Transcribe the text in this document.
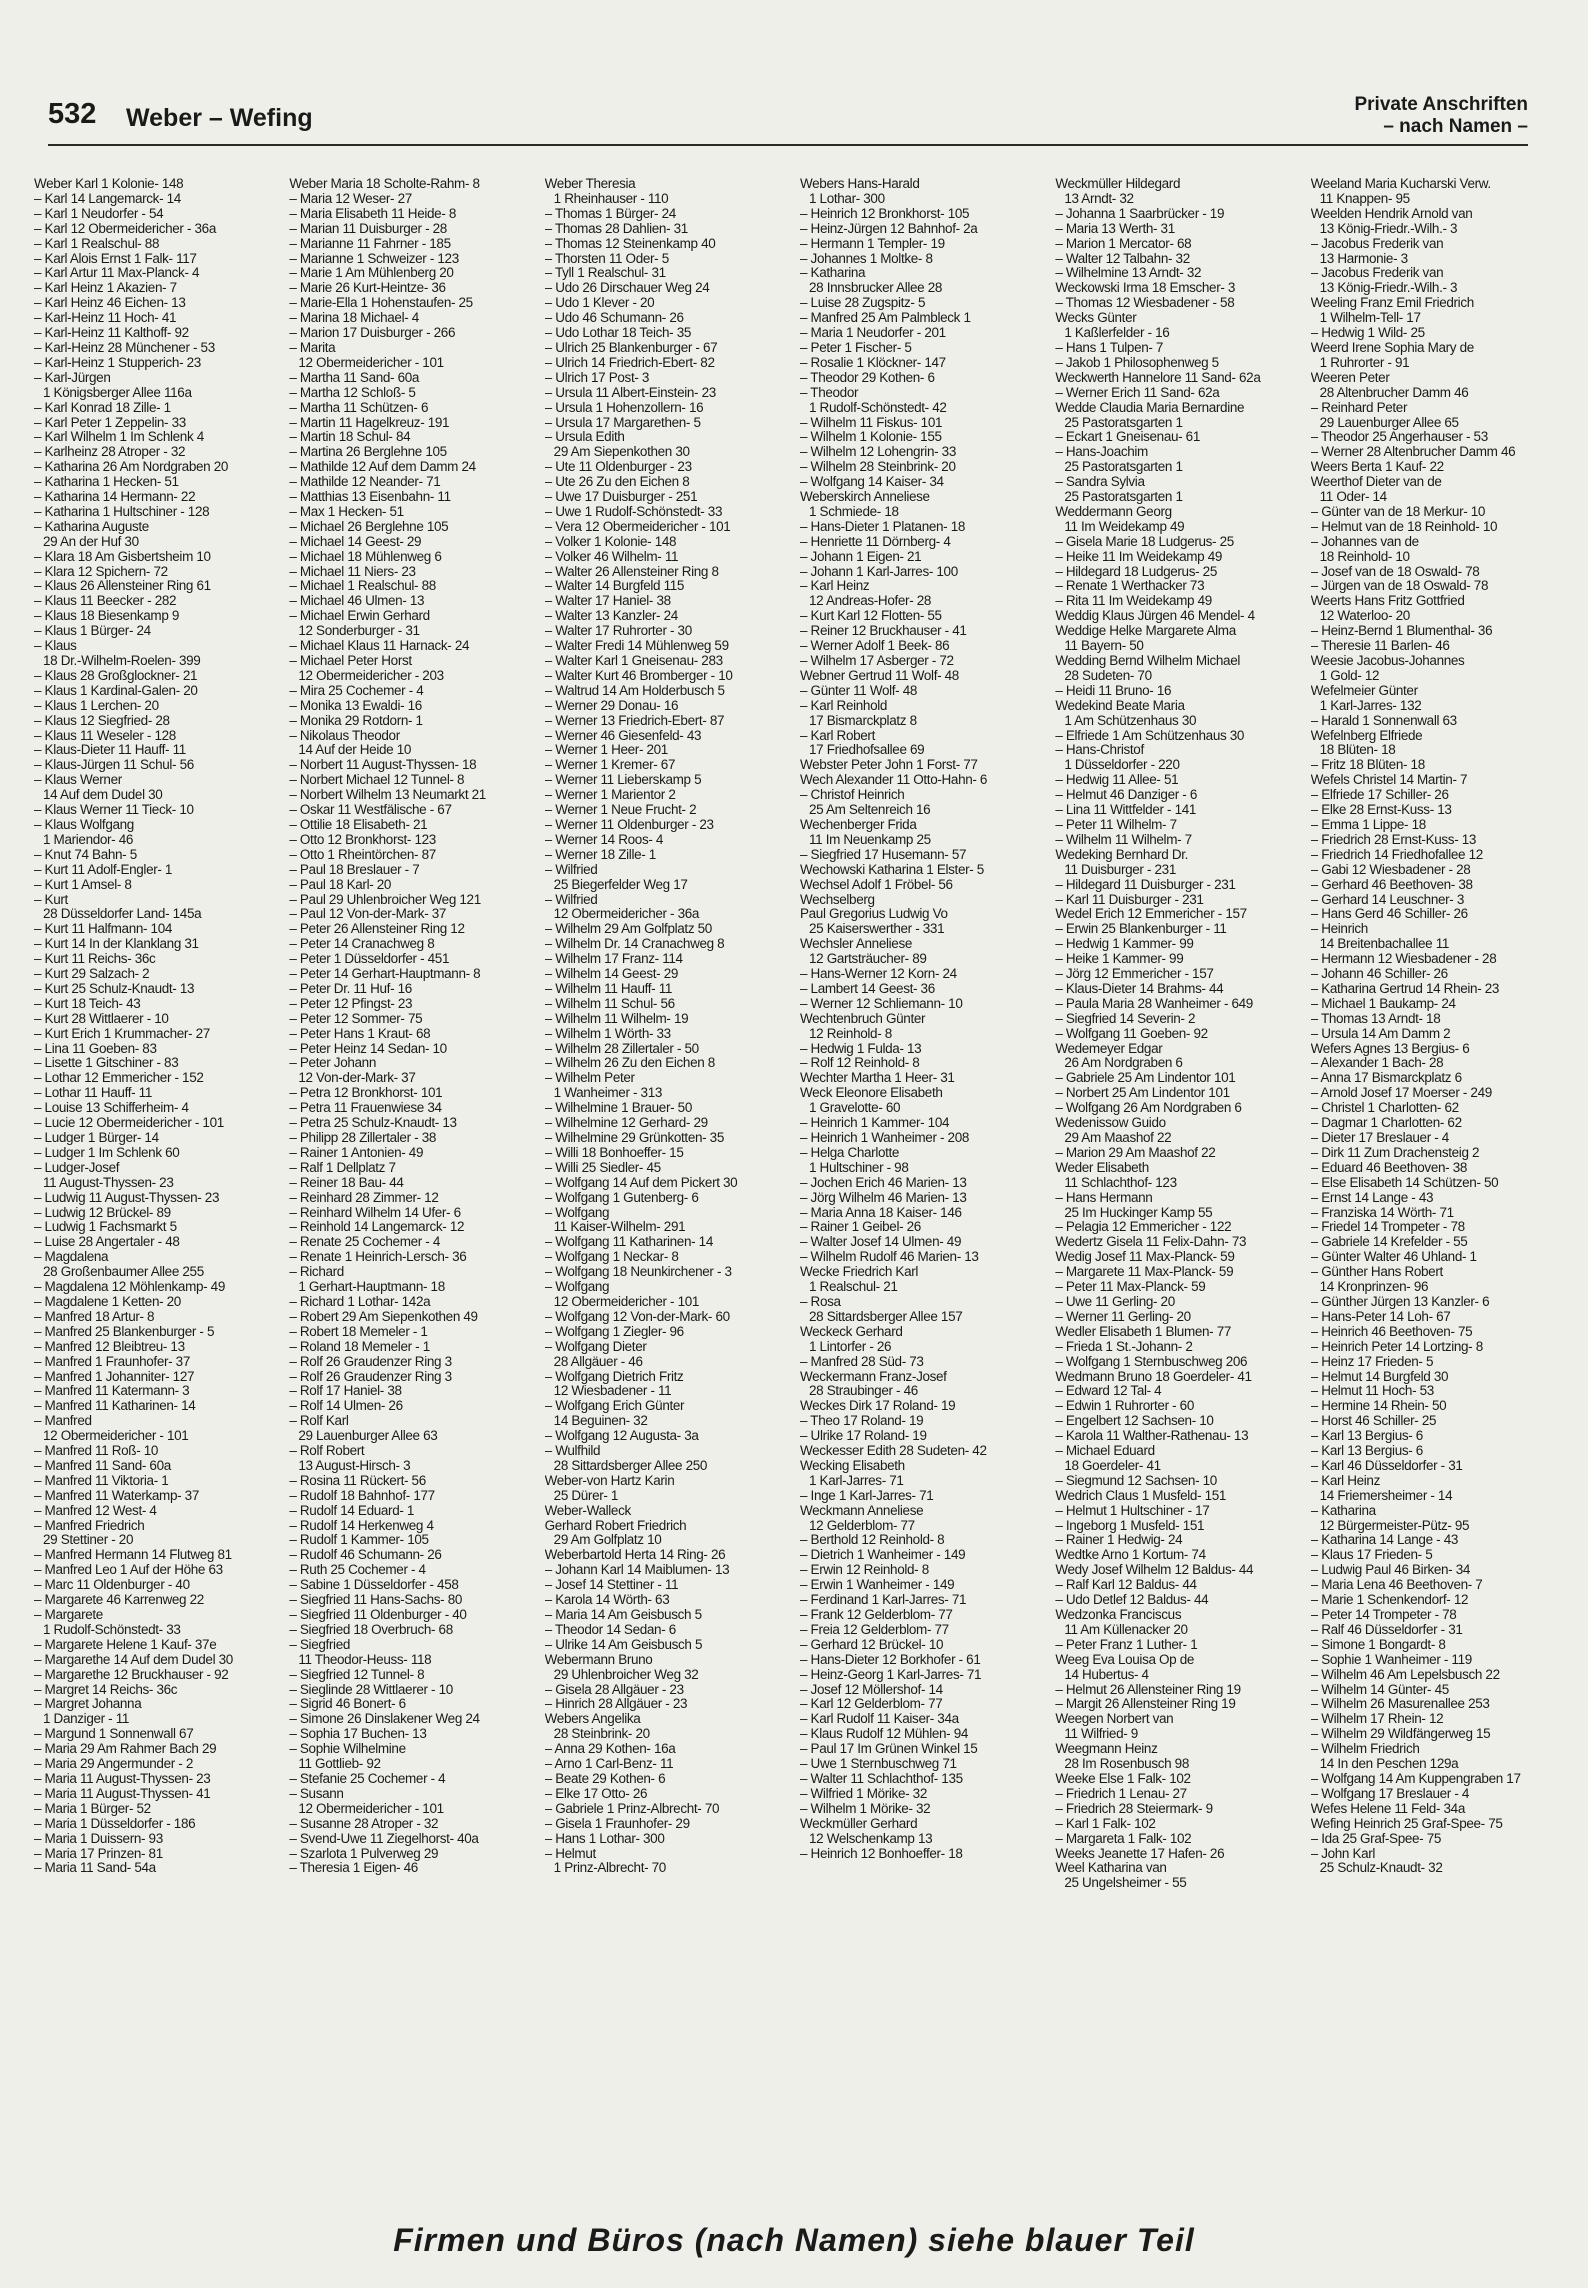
532 Weber – Wefing	Private Anschriften
– nach Namen –
Weber Karl 1 Kolonie- 148
– Karl 14 Langemarck- 14
– Karl 1 Neudorfer - 54
– Karl 12 Obermeidericher - 36a
– Karl 1 Realschul- 88
– Karl Alois Ernst 1 Falk- 117
– Karl Artur 11 Max-Planck- 4
– Karl Heinz 1 Akazien- 7
– Karl Heinz 46 Eichen- 13
– Karl-Heinz 11 Hoch- 41
– Karl-Heinz 11 Kalthoff- 92
– Karl-Heinz 28 Münchener - 53
– Karl-Heinz 1 Stupperich- 23
– Karl-Jürgen
1 Königsberger Allee 116a
– Karl Konrad 18 Zille- 1
– Karl Peter 1 Zeppelin- 33
– Karl Wilhelm 1 Im Schlenk 4
– Karlheinz 28 Atroper - 32
– Katharina 26 Am Nordgraben 20
– Katharina 1 Hecken- 51
– Katharina 14 Hermann- 22
– Katharina 1 Hultschiner - 128
– Katharina Auguste
29 An der Huf 30
– Klara 18 Am Gisbertsheim 10
– Klara 12 Spichern- 72
– Klaus 26 Allensteiner Ring 61
– Klaus 11 Beecker - 282
– Klaus 18 Biesenkamp 9
– Klaus 1 Bürger- 24
– Klaus
18 Dr.-Wilhelm-Roelen- 399
– Klaus 28 Großglockner- 21
– Klaus 1 Kardinal-Galen- 20
– Klaus 1 Lerchen- 20
– Klaus 12 Siegfried- 28
– Klaus 11 Weseler - 128
– Klaus-Dieter 11 Hauff- 11
– Klaus-Jürgen 11 Schul- 56
– Klaus Werner
14 Auf dem Dudel 30
– Klaus Werner 11 Tieck- 10
– Klaus Wolfgang
1 Mariendor- 46
– Knut 74 Bahn- 5
– Kurt 11 Adolf-Engler- 1
– Kurt 1 Amsel- 8
– Kurt
28 Düsseldorfer Land- 145a
– Kurt 11 Halfmann- 104
– Kurt 14 In der Klanklang 31
– Kurt 11 Reichs- 36c
– Kurt 29 Salzach- 2
– Kurt 25 Schulz-Knaudt- 13
– Kurt 18 Teich- 43
– Kurt 28 Wittlaerer - 10
– Kurt Erich 1 Krummacher- 27
– Lina 11 Goeben- 83
– Lisette 1 Gitschiner - 83
– Lothar 12 Emmericher - 152
– Lothar 11 Hauff- 11
– Louise 13 Schifferheim- 4
– Lucie 12 Obermeidericher - 101
– Ludger 1 Bürger- 14
– Ludger 1 Im Schlenk 60
– Ludger-Josef
11 August-Thyssen- 23
– Ludwig 11 August-Thyssen- 23
– Ludwig 12 Brückel- 89
– Ludwig 1 Fachsmarkt 5
– Luise 28 Angertaler - 48
– Magdalena
28 Großenbaumer Allee 255
– Magdalena 12 Möhlenkamp- 49
– Magdalene 1 Ketten- 20
– Manfred 18 Artur- 8
– Manfred 25 Blankenburger - 5
– Manfred 12 Bleibtreu- 13
– Manfred 1 Fraunhofer- 37
– Manfred 1 Johanniter- 127
– Manfred 11 Katermann- 3
– Manfred 11 Katharinen- 14
– Manfred
12 Obermeidericher - 101
– Manfred 11 Roß- 10
– Manfred 11 Sand- 60a
– Manfred 11 Viktoria- 1
– Manfred 11 Waterkamp- 37
– Manfred 12 West- 4
– Manfred Friedrich
29 Stettiner - 20
– Manfred Hermann 14 Flutweg 81
– Manfred Leo 1 Auf der Höhe 63
– Marc 11 Oldenburger - 40
– Margarete 46 Karrenweg 22
– Margarete
1 Rudolf-Schönstedt- 33
– Margarete Helene 1 Kauf- 37e
– Margarethe 14 Auf dem Dudel 30
– Margarethe 12 Bruckhauser - 92
– Margret 14 Reichs- 36c
– Margret Johanna
1 Danziger - 11
– Margund 1 Sonnenwall 67
– Maria 29 Am Rahmer Bach 29
– Maria 29 Angermunder - 2
– Maria 11 August-Thyssen- 23
– Maria 11 August-Thyssen- 41
– Maria 1 Bürger- 52
– Maria 1 Düsseldorfer - 186
– Maria 1 Duissern- 93
– Maria 17 Prinzen- 81
– Maria 11 Sand- 54a
Weber Maria 18 Scholte-Rahm- 8
– Maria 12 Weser- 27
– Maria Elisabeth 11 Heide- 8
– Marian 11 Duisburger - 28
– Marianne 11 Fahrner - 185
– Marianne 1 Schweizer - 123
– Marie 1 Am Mühlenberg 20
– Marie 26 Kurt-Heintze- 36
– Marie-Ella 1 Hohenstaufen- 25
– Marina 18 Michael- 4
– Marion 17 Duisburger - 266
– Marita
12 Obermeidericher - 101
– Martha 11 Sand- 60a
– Martha 12 Schloß- 5
– Martha 11 Schützen- 6
– Martin 11 Hagelkreuz- 191
– Martin 18 Schul- 84
– Martina 26 Berglehne 105
– Mathilde 12 Auf dem Damm 24
– Mathilde 12 Neander- 71
– Matthias 13 Eisenbahn- 11
– Max 1 Hecken- 51
– Michael 26 Berglehne 105
– Michael 14 Geest- 29
– Michael 18 Mühlenweg 6
– Michael 11 Niers- 23
– Michael 1 Realschul- 88
– Michael 46 Ulmen- 13
– Michael Erwin Gerhard
12 Sonderburger - 31
– Michael Klaus 11 Harnack- 24
– Michael Peter Horst
12 Obermeidericher - 203
– Mira 25 Cochemer - 4
– Monika 13 Ewaldi- 16
– Monika 29 Rotdorn- 1
– Nikolaus Theodor
14 Auf der Heide 10
– Norbert 11 August-Thyssen- 18
– Norbert Michael 12 Tunnel- 8
– Norbert Wilhelm 13 Neumarkt 21
– Oskar 11 Westfälische - 67
– Ottilie 18 Elisabeth- 21
– Otto 12 Bronkhorst- 123
– Otto 1 Rheintörchen- 87
– Paul 18 Breslauer - 7
– Paul 18 Karl- 20
– Paul 29 Uhlenbroicher Weg 121
– Paul 12 Von-der-Mark- 37
– Peter 26 Allensteiner Ring 12
– Peter 14 Cranachweg 8
– Peter 1 Düsseldorfer - 451
– Peter 14 Gerhart-Hauptmann- 8
– Peter Dr. 11 Huf- 16
– Peter 12 Pfingst- 23
– Peter 12 Sommer- 75
– Peter Hans 1 Kraut- 68
– Peter Heinz 14 Sedan- 10
– Peter Johann
12 Von-der-Mark- 37
– Petra 12 Bronkhorst- 101
– Petra 11 Frauenwiese 34
– Petra 25 Schulz-Knaudt- 13
– Philipp 28 Zillertaler - 38
– Rainer 1 Antonien- 49
– Ralf 1 Dellplatz 7
– Reiner 18 Bau- 44
– Reinhard 28 Zimmer- 12
– Reinhard Wilhelm 14 Ufer- 6
– Reinhold 14 Langemarck- 12
– Renate 25 Cochemer - 4
– Renate 1 Heinrich-Lersch- 36
– Richard
1 Gerhart-Hauptmann- 18
– Richard 1 Lothar- 142a
– Robert 29 Am Siepenkothen 49
– Robert 18 Memeler - 1
– Roland 18 Memeler - 1
– Rolf 26 Graudenzer Ring 3
– Rolf 26 Graudenzer Ring 3
– Rolf 17 Haniel- 38
– Rolf 14 Ulmen- 26
– Rolf Karl
29 Lauenburger Allee 63
– Rolf Robert
13 August-Hirsch- 3
– Rosina 11 Rückert- 56
– Rudolf 18 Bahnhof- 177
– Rudolf 14 Eduard- 1
– Rudolf 14 Herkenweg 4
– Rudolf 1 Kammer- 105
– Rudolf 46 Schumann- 26
– Ruth 25 Cochemer - 4
– Sabine 1 Düsseldorfer - 458
– Siegfried 11 Hans-Sachs- 80
– Siegfried 11 Oldenburger - 40
– Siegfried 18 Overbruch- 68
– Siegfried
11 Theodor-Heuss- 118
– Siegfried 12 Tunnel- 8
– Sieglinde 28 Wittlaerer - 10
– Sigrid 46 Bonert- 6
– Simone 26 Dinslakener Weg 24
– Sophia 17 Buchen- 13
– Sophie Wilhelmine
11 Gottlieb- 92
– Stefanie 25 Cochemer - 4
– Susann
12 Obermeidericher - 101
– Susanne 28 Atroper - 32
– Svend-Uwe 11 Ziegelhorst- 40a
– Szarlota 1 Pulverweg 29
– Theresia 1 Eigen- 46
Weber Theresia
1 Rheinhauser - 110
– Thomas 1 Bürger- 24
– Thomas 28 Dahlien- 31
– Thomas 12 Steinenkamp 40
– Thorsten 11 Oder- 5
– Tyll 1 Realschul- 31
– Udo 26 Dirschauer Weg 24
– Udo 1 Klever - 20
– Udo 46 Schumann- 26
– Udo Lothar 18 Teich- 35
– Ulrich 25 Blankenburger - 67
– Ulrich 14 Friedrich-Ebert- 82
– Ulrich 17 Post- 3
– Ursula 11 Albert-Einstein- 23
– Ursula 1 Hohenzollern- 16
– Ursula 17 Margarethen- 5
– Ursula Edith
29 Am Siepenkothen 30
– Ute 11 Oldenburger - 23
– Ute 26 Zu den Eichen 8
– Uwe 17 Duisburger - 251
– Uwe 1 Rudolf-Schönstedt- 33
– Vera 12 Obermeidericher - 101
– Volker 1 Kolonie- 148
– Volker 46 Wilhelm- 11
– Walter 26 Allensteiner Ring 8
– Walter 14 Burgfeld 115
– Walter 17 Haniel- 38
– Walter 13 Kanzler- 24
– Walter 17 Ruhrorter - 30
– Walter Fredi 14 Mühlenweg 59
– Walter Karl 1 Gneisenau- 283
– Walter Kurt 46 Bromberger - 10
– Waltrud 14 Am Holderbusch 5
– Werner 29 Donau- 16
– Werner 13 Friedrich-Ebert- 87
– Werner 46 Giesenfeld- 43
– Werner 1 Heer- 201
– Werner 1 Kremer- 67
– Werner 11 Lieberskamp 5
– Werner 1 Marientor 2
– Werner 1 Neue Frucht- 2
– Werner 11 Oldenburger - 23
– Werner 14 Roos- 4
– Werner 18 Zille- 1
– Wilfried
25 Biegerfelder Weg 17
– Wilfried
12 Obermeidericher - 36a
– Wilhelm 29 Am Golfplatz 50
– Wilhelm Dr. 14 Cranachweg 8
– Wilhelm 17 Franz- 114
– Wilhelm 14 Geest- 29
– Wilhelm 11 Hauff- 11
– Wilhelm 11 Schul- 56
– Wilhelm 11 Wilhelm- 19
– Wilhelm 1 Wörth- 33
– Wilhelm 28 Zillertaler - 50
– Wilhelm 26 Zu den Eichen 8
– Wilhelm Peter
1 Wanheimer - 313
– Wilhelmine 1 Brauer- 50
– Wilhelmine 12 Gerhard- 29
– Wilhelmine 29 Grünkotten- 35
– Willi 18 Bonhoeffer- 15
– Willi 25 Siedler- 45
– Wolfgang 14 Auf dem Pickert 30
– Wolfgang 1 Gutenberg- 6
– Wolfgang
11 Kaiser-Wilhelm- 291
– Wolfgang 11 Katharinen- 14
– Wolfgang 1 Neckar- 8
– Wolfgang 18 Neunkirchener - 3
– Wolfgang
12 Obermeidericher - 101
– Wolfgang 12 Von-der-Mark- 60
– Wolfgang 1 Ziegler- 96
– Wolfgang Dieter
28 Allgäuer - 46
– Wolfgang Dietrich Fritz
12 Wiesbadener - 11
– Wolfgang Erich Günter
14 Beguinen- 32
– Wolfgang 12 Augusta- 3a
– Wulfhild
28 Sittardsberger Allee 250
Weber-von Hartz Karin
25 Dürer- 1
Weber-Walleck
Gerhard Robert Friedrich
29 Am Golfplatz 10
Weberbartold Herta 14 Ring- 26
– Johann Karl 14 Maiblumen- 13
– Josef 14 Stettiner - 11
– Karola 14 Wörth- 63
– Maria 14 Am Geisbusch 5
– Theodor 14 Sedan- 6
– Ulrike 14 Am Geisbusch 5
Webermann Bruno
29 Uhlenbroicher Weg 32
– Gisela 28 Allgäuer - 23
– Hinrich 28 Allgäuer - 23
Webers Angelika
28 Steinbrink- 20
– Anna 29 Kothen- 16a
– Arno 1 Carl-Benz- 11
– Beate 29 Kothen- 6
– Elke 17 Otto- 26
– Gabriele 1 Prinz-Albrecht- 70
– Gisela 1 Fraunhofer- 29
– Hans 1 Lothar- 300
– Helmut
1 Prinz-Albrecht- 70
Webers Hans-Harald
1 Lothar- 300
– Heinrich 12 Bronkhorst- 105
– Heinz-Jürgen 12 Bahnhof- 2a
– Hermann 1 Templer- 19
– Johannes 1 Moltke- 8
– Katharina
28 Innsbrucker Allee 28
– Luise 28 Zugspitz- 5
– Manfred 25 Am Palmbleck 1
– Maria 1 Neudorfer - 201
– Peter 1 Fischer- 5
– Rosalie 1 Klöckner- 147
– Theodor 29 Kothen- 6
– Theodor
1 Rudolf-Schönstedt- 42
– Wilhelm 11 Fiskus- 101
– Wilhelm 1 Kolonie- 155
– Wilhelm 12 Lohengrin- 33
– Wilhelm 28 Steinbrink- 20
– Wolfgang 14 Kaiser- 34
Weberskirch Anneliese
1 Schmiede- 18
– Hans-Dieter 1 Platanen- 18
– Henriette 11 Dörnberg- 4
– Johann 1 Eigen- 21
– Johann 1 Karl-Jarres- 100
– Karl Heinz
12 Andreas-Hofer- 28
– Kurt Karl 12 Flotten- 55
– Reiner 12 Bruckhauser - 41
– Werner Adolf 1 Beek- 86
– Wilhelm 17 Asberger - 72
Webner Gertrud 11 Wolf- 48
– Günter 11 Wolf- 48
– Karl Reinhold
17 Bismarckplatz 8
– Karl Robert
17 Friedhofsallee 69
Webster Peter John 1 Forst- 77
Wech Alexander 11 Otto-Hahn- 6
– Christof Heinrich
25 Am Seltenreich 16
Wechenberger Frida
11 Im Neuenkamp 25
– Siegfried 17 Husemann- 57
Wechowski Katharina 1 Elster- 5
Wechsel Adolf 1 Fröbel- 56
Wechselberg
Paul Gregorius Ludwig Vo
25 Kaiserswerther - 331
Wechsler Anneliese
12 Gartsträucher- 89
– Hans-Werner 12 Korn- 24
– Lambert 14 Geest- 36
– Werner 12 Schliemann- 10
Wechtenbruch Günter
12 Reinhold- 8
– Hedwig 1 Fulda- 13
– Rolf 12 Reinhold- 8
Wechter Martha 1 Heer- 31
Weck Eleonore Elisabeth
1 Gravelotte- 60
– Heinrich 1 Kammer- 104
– Heinrich 1 Wanheimer - 208
– Helga Charlotte
1 Hultschiner - 98
– Jochen Erich 46 Marien- 13
– Jörg Wilhelm 46 Marien- 13
– Maria Anna 18 Kaiser- 146
– Rainer 1 Geibel- 26
– Walter Josef 14 Ulmen- 49
– Wilhelm Rudolf 46 Marien- 13
Wecke Friedrich Karl
1 Realschul- 21
– Rosa
28 Sittardsberger Allee 157
Weckeck Gerhard
1 Lintorfer - 26
– Manfred 28 Süd- 73
Weckermann Franz-Josef
28 Straubinger - 46
Weckes Dirk 17 Roland- 19
– Theo 17 Roland- 19
– Ulrike 17 Roland- 19
Weckesser Edith 28 Sudeten- 42
Wecking Elisabeth
1 Karl-Jarres- 71
– Inge 1 Karl-Jarres- 71
Weckmann Anneliese
12 Gelderblom- 77
– Berthold 12 Reinhold- 8
– Dietrich 1 Wanheimer - 149
– Erwin 12 Reinhold- 8
– Erwin 1 Wanheimer - 149
– Ferdinand 1 Karl-Jarres- 71
– Frank 12 Gelderblom- 77
– Freia 12 Gelderblom- 77
– Gerhard 12 Brückel- 10
– Hans-Dieter 12 Borkhofer - 61
– Heinz-Georg 1 Karl-Jarres- 71
– Josef 12 Möllershof- 14
– Karl 12 Gelderblom- 77
– Karl Rudolf 11 Kaiser- 34a
– Klaus Rudolf 12 Mühlen- 94
– Paul 17 Im Grünen Winkel 15
– Uwe 1 Sternbuschweg 71
– Walter 11 Schlachthof- 135
– Wilfried 1 Mörike- 32
– Wilhelm 1 Mörike- 32
Weckmüller Gerhard
12 Welschenkamp 13
– Heinrich 12 Bonhoeffer- 18
Weckmüller Hildegard
13 Arndt- 32
– Johanna 1 Saarbrücker - 19
– Maria 13 Werth- 31
– Marion 1 Mercator- 68
– Walter 12 Talbahn- 32
– Wilhelmine 13 Arndt- 32
Weckowski Irma 18 Emscher- 3
– Thomas 12 Wiesbadener - 58
Wecks Günter
1 Kaßlerfelder - 16
– Hans 1 Tulpen- 7
– Jakob 1 Philosophenweg 5
Weckwerth Hannelore 11 Sand- 62a
– Werner Erich 11 Sand- 62a
Wedde Claudia Maria Bernardine
25 Pastoratsgarten 1
– Eckart 1 Gneisenau- 61
– Hans-Joachim
25 Pastoratsgarten 1
– Sandra Sylvia
25 Pastoratsgarten 1
Weddermann Georg
11 Im Weidekamp 49
– Gisela Marie 18 Ludgerus- 25
– Heike 11 Im Weidekamp 49
– Hildegard 18 Ludgerus- 25
– Renate 1 Werthacker 73
– Rita 11 Im Weidekamp 49
Weddig Klaus Jürgen 46 Mendel- 4
Weddige Helke Margarete Alma
11 Bayern- 50
Wedding Bernd Wilhelm Michael
28 Sudeten- 70
– Heidi 11 Bruno- 16
Wedekind Beate Maria
1 Am Schützenhaus 30
– Elfriede 1 Am Schützenhaus 30
– Hans-Christof
1 Düsseldorfer - 220
– Hedwig 11 Allee- 51
– Helmut 46 Danziger - 6
– Lina 11 Wittfelder - 141
– Peter 11 Wilhelm- 7
– Wilhelm 11 Wilhelm- 7
Wedeking Bernhard Dr.
11 Duisburger - 231
– Hildegard 11 Duisburger - 231
– Karl 11 Duisburger - 231
Wedel Erich 12 Emmericher - 157
– Erwin 25 Blankenburger - 11
– Hedwig 1 Kammer- 99
– Heike 1 Kammer- 99
– Jörg 12 Emmericher - 157
– Klaus-Dieter 14 Brahms- 44
– Paula Maria 28 Wanheimer - 649
– Siegfried 14 Severin- 2
– Wolfgang 11 Goeben- 92
Wedemeyer Edgar
26 Am Nordgraben 6
– Gabriele 25 Am Lindentor 101
– Norbert 25 Am Lindentor 101
– Wolfgang 26 Am Nordgraben 6
Wedenissow Guido
29 Am Maashof 22
– Marion 29 Am Maashof 22
Weder Elisabeth
11 Schlachthof- 123
– Hans Hermann
25 Im Huckinger Kamp 55
– Pelagia 12 Emmericher - 122
Wedertz Gisela 11 Felix-Dahn- 73
Wedig Josef 11 Max-Planck- 59
– Margarete 11 Max-Planck- 59
– Peter 11 Max-Planck- 59
– Uwe 11 Gerling- 20
– Werner 11 Gerling- 20
Wedler Elisabeth 1 Blumen- 77
– Frieda 1 St.-Johann- 2
– Wolfgang 1 Sternbuschweg 206
Wedmann Bruno 18 Goerdeler- 41
– Edward 12 Tal- 4
– Edwin 1 Ruhrorter - 60
– Engelbert 12 Sachsen- 10
– Karola 11 Walther-Rathenau- 13
– Michael Eduard
18 Goerdeler- 41
– Siegmund 12 Sachsen- 10
Wedrich Claus 1 Musfeld- 151
– Helmut 1 Hultschiner - 17
– Ingeborg 1 Musfeld- 151
– Rainer 1 Hedwig- 24
Wedtke Arno 1 Kortum- 74
Wedy Josef Wilhelm 12 Baldus- 44
– Ralf Karl 12 Baldus- 44
– Udo Detlef 12 Baldus- 44
Wedzonka Franciscus
11 Am Küllenacker 20
– Peter Franz 1 Luther- 1
Weeg Eva Louisa Op de
14 Hubertus- 4
– Helmut 26 Allensteiner Ring 19
– Margit 26 Allensteiner Ring 19
Weegen Norbert van
11 Wilfried- 9
Weegmann Heinz
28 Im Rosenbusch 98
Weeke Else 1 Falk- 102
– Friedrich 1 Lenau- 27
– Friedrich 28 Steiermark- 9
– Karl 1 Falk- 102
– Margareta 1 Falk- 102
Weeks Jeanette 17 Hafen- 26
Weel Katharina van
25 Ungelsheimer - 55
Weeland Maria Kucharski Verw.
11 Knappen- 95
Weelden Hendrik Arnold van
13 König-Friedr.-Wilh.- 3
– Jacobus Frederik van
13 Harmonie- 3
– Jacobus Frederik van
13 König-Friedr.-Wilh.- 3
Weeling Franz Emil Friedrich
1 Wilhelm-Tell- 17
– Hedwig 1 Wild- 25
Weerd Irene Sophia Mary de
1 Ruhrorter - 91
Weeren Peter
28 Altenbrucher Damm 46
– Reinhard Peter
29 Lauenburger Allee 65
– Theodor 25 Angerhauser - 53
– Werner 28 Altenbrucher Damm 46
Weers Berta 1 Kauf- 22
Weerthof Dieter van de
11 Oder- 14
– Günter van de 18 Merkur- 10
– Helmut van de 18 Reinhold- 10
– Johannes van de
18 Reinhold- 10
– Josef van de 18 Oswald- 78
– Jürgen van de 18 Oswald- 78
Weerts Hans Fritz Gottfried
12 Waterloo- 20
– Heinz-Bernd 1 Blumenthal- 36
– Theresie 11 Barlen- 46
Weesie Jacobus-Johannes
1 Gold- 12
Wefelmeier Günter
1 Karl-Jarres- 132
– Harald 1 Sonnenwall 63
Wefelnberg Elfriede
18 Blüten- 18
– Fritz 18 Blüten- 18
Wefels Christel 14 Martin- 7
– Elfriede 17 Schiller- 26
– Elke 28 Ernst-Kuss- 13
– Emma 1 Lippe- 18
– Friedrich 28 Ernst-Kuss- 13
– Friedrich 14 Friedhofallee 12
– Gabi 12 Wiesbadener - 28
– Gerhard 46 Beethoven- 38
– Gerhard 14 Leuschner- 3
– Hans Gerd 46 Schiller- 26
– Heinrich
14 Breitenbachallee 11
– Hermann 12 Wiesbadener - 28
– Johann 46 Schiller- 26
– Katharina Gertrud 14 Rhein- 23
– Michael 1 Baukamp- 24
– Thomas 13 Arndt- 18
– Ursula 14 Am Damm 2
Wefers Agnes 13 Bergius- 6
– Alexander 1 Bach- 28
– Anna 17 Bismarckplatz 6
– Arnold Josef 17 Moerser - 249
– Christel 1 Charlotten- 62
– Dagmar 1 Charlotten- 62
– Dieter 17 Breslauer - 4
– Dirk 11 Zum Drachensteig 2
– Eduard 46 Beethoven- 38
– Else Elisabeth 14 Schützen- 50
– Ernst 14 Lange - 43
– Franziska 14 Wörth- 71
– Friedel 14 Trompeter - 78
– Gabriele 14 Krefelder - 55
– Günter Walter 46 Uhland- 1
– Günther Hans Robert
14 Kronprinzen- 96
– Günther Jürgen 13 Kanzler- 6
– Hans-Peter 14 Loh- 67
– Heinrich 46 Beethoven- 75
– Heinrich Peter 14 Lortzing- 8
– Heinz 17 Frieden- 5
– Helmut 14 Burgfeld 30
– Helmut 11 Hoch- 53
– Hermine 14 Rhein- 50
– Horst 46 Schiller- 25
– Karl 13 Bergius- 6
– Karl 13 Bergius- 6
– Karl 46 Düsseldorfer - 31
– Karl Heinz
14 Friemersheimer - 14
– Katharina
12 Bürgermeister-Pütz- 95
– Katharina 14 Lange - 43
– Klaus 17 Frieden- 5
– Ludwig Paul 46 Birken- 34
– Maria Lena 46 Beethoven- 7
– Marie 1 Schenkendorf- 12
– Peter 14 Trompeter - 78
– Ralf 46 Düsseldorfer - 31
– Simone 1 Bongardt- 8
– Sophie 1 Wanheimer - 119
– Wilhelm 46 Am Lepelsbusch 22
– Wilhelm 14 Günter- 45
– Wilhelm 26 Masurenallee 253
– Wilhelm 17 Rhein- 12
– Wilhelm 29 Wildfängerweg 15
– Wilhelm Friedrich
14 In den Peschen 129a
– Wolfgang 14 Am Kuppengraben 17
– Wolfgang 17 Breslauer - 4
Wefes Helene 11 Feld- 34a
Wefing Heinrich 25 Graf-Spee- 75
– Ida 25 Graf-Spee- 75
– John Karl
25 Schulz-Knaudt- 32
Firmen und Büros (nach Namen) siehe blauer Teil
